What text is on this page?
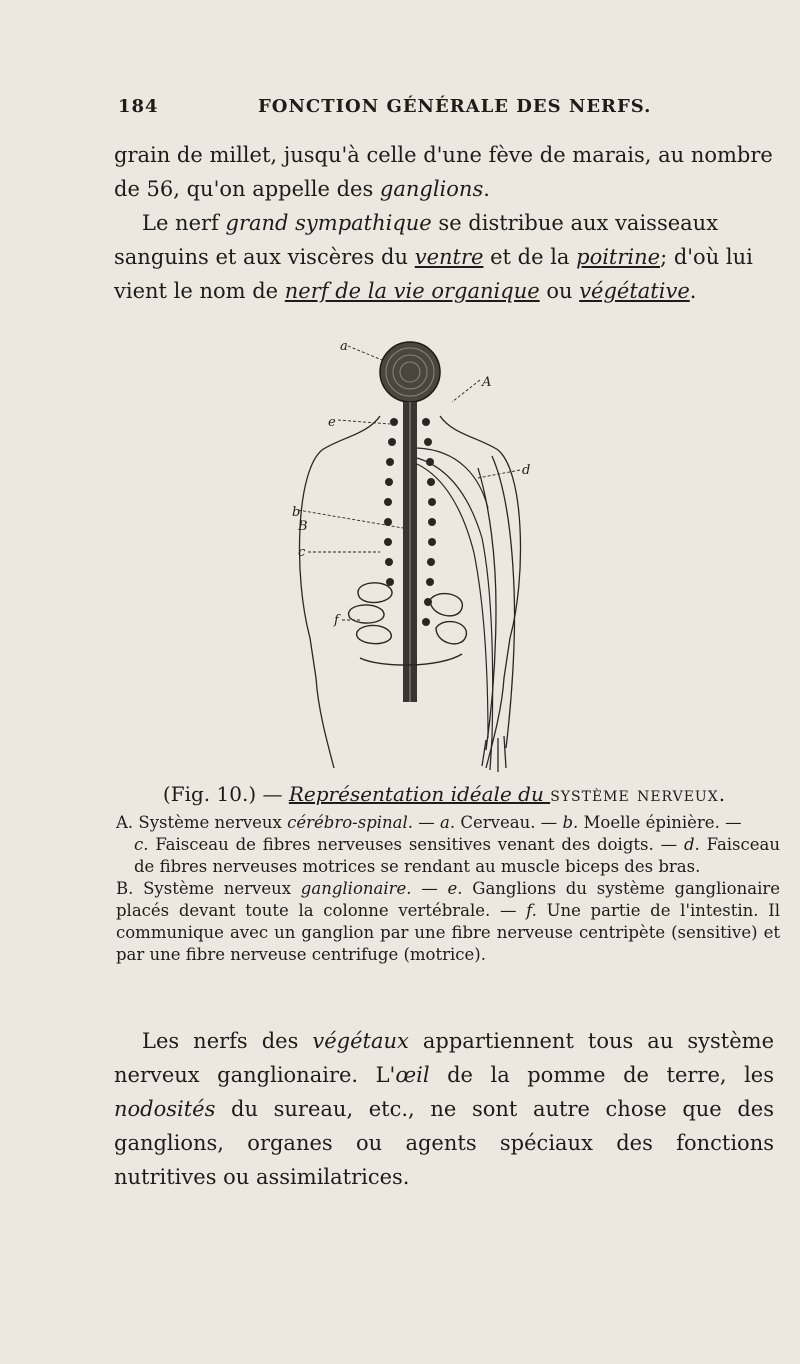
184	FONCTION GÉNÉRALE DES NERFS.
grain de millet, jusqu'à celle d'une fève de marais, au nombre
de 56, qu'on appelle des ganglions.
Le nerf grand sympathique se distribue aux vaisseaux
sanguins et aux viscères du ventre et de la poitrine; d'où lui
vient le nom de nerf de la vie organique ou végétative.
a
A
b
B
c
d
e
f
(Fig. 10.) — Représentation idéale du système nerveux.

A. Système nerveux cérébro-spinal. — a. Cerveau. — b. Moelle épinière. —

c. Faisceau de fibres nerveuses sensitives venant des doigts. — d. Faisceau de fibres nerveuses motrices se rendant au muscle biceps des bras.

B. Système nerveux ganglionaire. — e. Ganglions du système ganglionaire placés devant toute la colonne vertébrale. — f. Une partie de l'intestin. Il communique avec un ganglion par une fibre nerveuse centripète (sensitive) et par une fibre nerveuse centrifuge (motrice).

Les nerfs des végétaux appartiennent tous au système nerveux ganglionaire. L'œil de la pomme de terre, les nodosités du sureau, etc., ne sont autre chose que des ganglions, organes ou agents spéciaux des fonctions nutritives ou assimilatrices.
